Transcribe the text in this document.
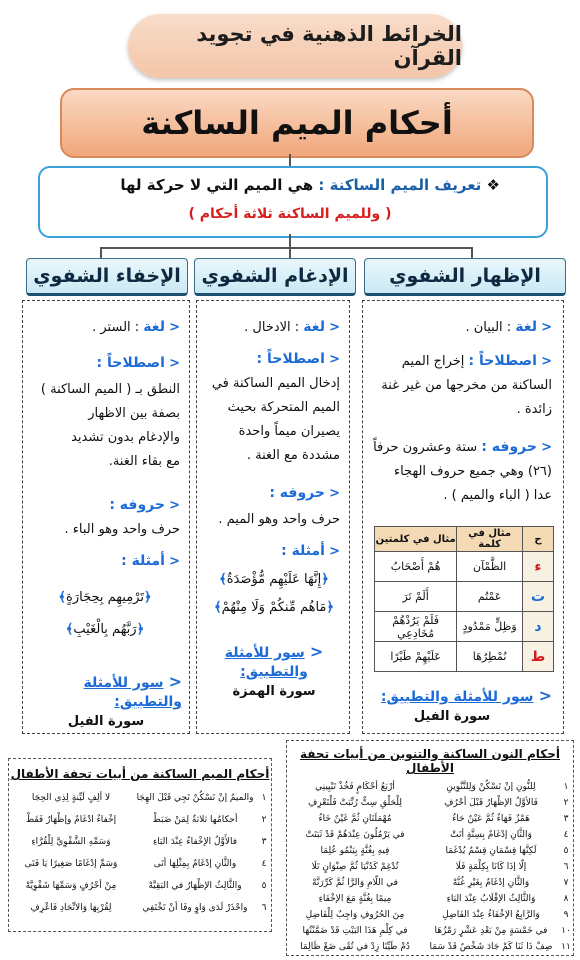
الخرائط الذهنية في تجويد القرآن
أحكام الميم الساكنة
❖ تعريف الميم الساكنة : هي الميم التي لا حركة لها
( وللميم الساكنة ثلاثة أحكام )
الإظهار الشفوي
الإدغام الشفوي
الإخفاء الشفوي
< لغة : البيان .
< اصطلاحاً : إخراج الميم
الساكنة من مخرجها من غير غنة
زائدة .
< حروفه : ستة وعشرون حرفاً
(٢٦) وهي جميع حروف الهجاء
عدا ( الباء والميم ) .
ح	مثال في كلمة	مثال في كلمتين
ء	الظَّمْآن	هُمْ أَصْحَابُ
ت	عَمْتُم	أَلَمْ تَرَ
د	وَظِلٍّ مَمْدُودٍ	فَلَمْ يَرُدْهُمْ مُخَادِعِي
ط	نُمْطِرُهَا	عَلَيْهِمْ طَيْرًا
< سور للأمثلة والتطبيق:
سورة الفيل
< لغة : الادخال .
< اصطلاحاً :
إدخال الميم الساكنة في
الميم المتحركة بحيث
يصيران ميماً واحدة
مشددة مع الغنة .
< حروفه :
حرف واحد وهو الميم .
< أمثلة :
﴿إِنَّهَا عَلَيْهِم مُّؤْصَدَةٌ﴾
﴿مَاهُم مِّنكُمْ وَلَا مِنْهُمْ﴾
< سور للأمثلة والتطبيق:
سورة الهمزة
< لغة : الستر .
< اصطلاحاً :
النطق بـ ( الميم الساكنة )
بصفة بين الاظهار
والإدغام بدون تشديد
مع بقاء الغنة.
< حروفه :
حرف واحد وهو الباء .
< أمثلة :
﴿تَرْمِيهِم بِحِجَارَةٍ﴾
﴿رَبَّهُم بِالْغَيْبِ﴾
< سور للأمثلة والتطبيق:
سورة الفيل
أحكام الميم الساكنة من أبيات تحفة الأطفال
١
والميمُ إنْ تَسْكُنْ تَجِي قَبْلَ الهِجَا
لا ألِفٍ لَيِّنةٍ لِذِي الحِجَا
٢
أحكامُها ثلاثةٌ لِمَنْ ضَبَطْ
إخْفاءٌ ادْغَامٌ وإظْهَارٌ فَقَطْ
٣
فالأَوَّلُ الإخْفاءُ عِنْدَ البَاءِ
وَسَمِّهِ الشَّفْوِيَّ لِلْقُرَّاءِ
٤
والثَّانِ إدْغَامٌ بِمِثْلِهَا أتَى
وَسَمِّ إدْغَامًا صَغِيرًا يَا فَتَى
٥
والثَّالِثُ الإظْهَارُ في البَقِيَّهْ
مِنْ أحْرُفٍ وَسَمِّهَا شَفْوِيَّهْ
٦
واحْذَرْ لَدَى وَاوٍ وفَا أنْ تَخْتَفِي
لِقُرْبِهَا وَالاتِّحَادِ فَاعْرِفِ
أحكام النون الساكنة والتنوين من أبيات تحفة الأطفال
١
لِلنُّونِ إنْ تَسْكُنْ وَلِلتَّنْوِينِ
أرْبَعُ أحْكَامٍ فَخُذْ تَبْيِينِي
٢
فَالأوَّلُ الإظْهَارُ قَبْلَ أحْرُفِ
لِلْحَلْقِ سِتٌّ رُتِّبَتْ فَلْتَعْرِفِ
٣
هَمْزٌ فَهَاءٌ ثُمَّ عَيْنٌ حَاءُ
مُهْمَلَتَانِ ثُمَّ غَيْنٌ خَاءُ
٤
وَالثَّانِ إدْغَامٌ بِسِتَّةٍ أتَتْ
في يَرْمُلُونَ عِنْدَهُمْ قَدْ ثَبَتَتْ
٥
لَكِنَّهَا قِسْمَانِ قِسْمٌ يُدْغَمَا
فِيهِ بِغُنَّةٍ بِيَنْمُو عُلِمَا
٦
إلَّا إذَا كَانَا بِكِلْمَةٍ فَلَا
تُدْغِمْ كَدُنْيَا ثُمَّ صِنْوَانٍ تَلَا
٧
وَالثَّانِ إدْغَامٌ بِغَيْرِ غُنَّهْ
في اللَّامِ وَالرَّا ثُمَّ كَرِّرَنَّهْ
٨
وَالثَّالِثُ الإقْلَابُ عِنْدَ البَاءِ
مِيمًا بِغُنَّةٍ مَعَ الإخْفَاءِ
٩
وَالرَّابِعُ الإخْفَاءُ عِنْدَ الفَاضِلِ
مِنَ الحُرُوفِ وَاجِبٌ لِلْفَاضِلِ
١٠
في خَمْسَةٍ مِنْ بَعْدِ عَشْرٍ رَمْزُهَا
في كِلْمِ هَذَا البَيْتِ قَدْ ضَمَّنْتُهَا
١١
صِفْ ذَا ثَنَا كَمْ جَادَ شَخْصٌ قَدْ سَمَا
دُمْ طَيِّبًا زِدْ في تُقًى ضَعْ ظَالِمَا
